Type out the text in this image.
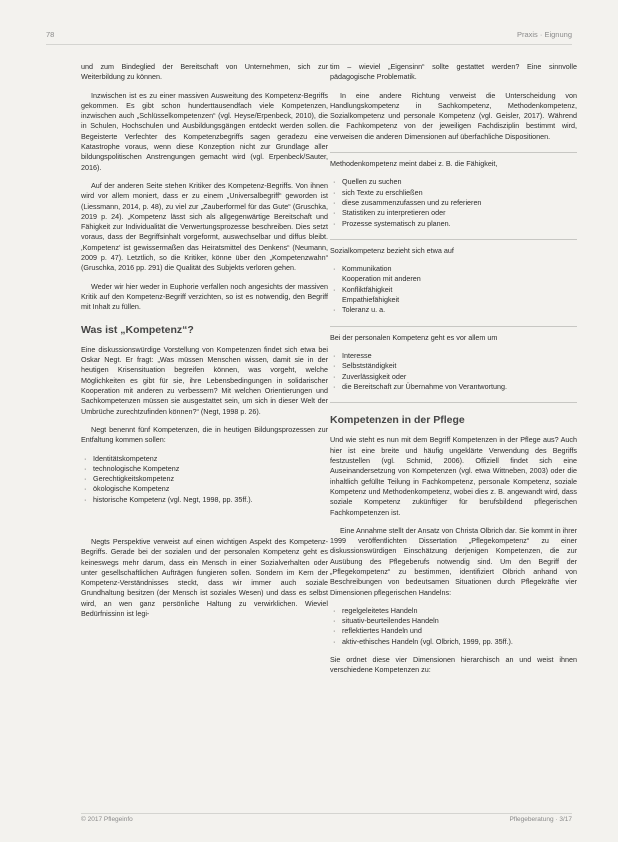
78	Praxis · Eignung

und zum Bindeglied der Bereitschaft von Unternehmen, sich zur Weiterbildung zu können.

Inzwischen ist es zu einer massiven Ausweitung des Kompetenz-Begriffs gekommen. Es gibt schon hunderttausendfach viele Kompetenzen, inzwischen auch „Schlüsselkompetenzen“ (vgl. Heyse/Erpenbeck, 2010), die in Schulen, Hochschulen und Ausbildungsgängen entdeckt werden sollen. Begeisterte Verfechter des Kompetenzbegriffs sagen geradezu eine Katastrophe voraus, wenn diese Konzeption nicht zur Grundlage aller bildungspolitischen Anstrengungen gemacht wird (vgl. Erpenbeck/Sauter, 2016).

Auf der anderen Seite stehen Kritiker des Kompetenz-Begriffs. Von ihnen wird vor allem moniert, dass er zu einem „Universalbegriff“ geworden ist (Liessmann, 2014, p. 48), zu viel zur „Zauberformel für das Gute“ (Gruschka, 2019 p. 24). „Kompetenz lässt sich als allgegenwärtige Bereitschaft und Fähigkeit zur Individualität die Verwertungsprozesse beschreiben. Dies setzt voraus, dass der Begriffsinhalt vorgeformt, auswechselbar und diffus bleibt. ‚Kompetenz‘ ist gewissermaßen das Heiratsmittel des Denkens“ (Neumann, 2009 p. 47). Letztlich, so die Kritiker, könne über den „Kompetenzwahn“ (Gruschka, 2016 pp. 291) die Qualität des Subjekts verloren gehen.

Weder wir hier weder in Euphorie verfallen noch angesichts der massiven Kritik auf den Kompetenz-Begriff verzichten, so ist es notwendig, den Begriff mit Inhalt zu füllen.

Was ist „Kompetenz“?

Eine diskussionswürdige Vorstellung von Kompetenzen findet sich etwa bei Oskar Negt. Er fragt: „Was müssen Menschen wissen, damit sie in der heutigen Krisensituation begreifen können, was vorgeht, welche Möglichkeiten es gibt für sie, ihre Lebensbedingungen in solidarischer Kooperation mit anderen zu verbessern? Mit welchen Orientierungen und Sachkompetenzen müssen sie ausgestattet sein, um sich in dieser Welt der Umbrüche zurechtzufinden können?“ (Negt, 1998 p. 26).

Negt benennt fünf Kompetenzen, die in heutigen Bildungsprozessen zur Entfaltung kommen sollen:

· Identitätskompetenz
· technologische Kompetenz
· Gerechtigkeitskompetenz
· ökologische Kompetenz
· historische Kompetenz (vgl. Negt, 1998, pp. 35ff.).

Negts Perspektive verweist auf einen wichtigen Aspekt des Kompetenz-Begriffs. Gerade bei der sozialen und der personalen Kompetenz geht es keineswegs mehr darum, dass ein Mensch in einer Sozialverhalten oder unter gesellschaftlichen Aufträgen fungieren sollen. Sondern im Kern der Kompetenz-Verständnisses steckt, dass wir immer auch soziale Grundhaltung besitzen (der Mensch ist soziales Wesen) und dass es selbst wird, an wen ganz persönliche Haltung zu verwirklichen. Wieviel Bedürfnissinn ist legi-

tim – wieviel „Eigensinn“ sollte gestattet werden? Eine sinnvolle pädagogische Problematik.

In eine andere Richtung verweist die Unterscheidung von Handlungskompetenz in Sachkompetenz, Methodenkompetenz, Sozialkompetenz und personale Kompetenz (vgl. Geisler, 2017). Während die Fachkompetenz von der jeweiligen Fachdisziplin bestimmt wird, verweisen die anderen Dimensionen auf überfachliche Dispositionen.

Methodenkompetenz meint dabei z. B. die Fähigkeit,

· Quellen zu suchen
· sich Texte zu erschließen
· diese zusammenzufassen und zu referieren
· Statistiken zu interpretieren oder
· Prozesse systematisch zu planen.

Sozialkompetenz bezieht sich etwa auf

· Kommunikation
Kooperation mit anderen
· Konfliktfähigkeit
Empathiefähigkeit
· Toleranz u. a.

Bei der personalen Kompetenz geht es vor allem um

· Interesse
· Selbstständigkeit
· Zuverlässigkeit oder
· die Bereitschaft zur Übernahme von Verantwortung.
Kompetenzen in der Pflege

Und wie steht es nun mit dem Begriff Kompetenzen in der Pflege aus? Auch hier ist eine breite und häufig ungeklärte Verwendung des Begriffs festzustellen (vgl. Schmid, 2006). Offiziell findet sich eine Auseinandersetzung von Kompetenzen (vgl. etwa Wittneben, 2003) oder die inhaltlich gefüllte Teilung in Fachkompetenz, personale Kompetenz, soziale Kompetenz und Methodenkompetenz, wobei dies z. B. angewandt wird, dass soziale Kompetenz zukünftiger für berufsbildend pflegerischen Fachkompetenzen ist.

Eine Annahme stellt der Ansatz von Christa Olbrich dar. Sie kommt in ihrer 1999 veröffentlichten Dissertation „Pflegekompetenz“ zu einer diskussionswürdigen Einschätzung derjenigen Kompetenzen, die zur Ausübung des Pflegeberufs notwendig sind. Um den Begriff der „Pflegekompetenz“ zu bestimmen, identifiziert Olbrich anhand von Beschreibungen von bedeutsamen Situationen durch Pflegekräfte vier Dimensionen pflegerischen Handelns:

· regelgeleitetes Handeln
· situativ-beurteilendes Handeln
· reflektiertes Handeln und
· aktiv-ethisches Handeln (vgl. Olbrich, 1999, pp. 35ff.).

Sie ordnet diese vier Dimensionen hierarchisch an und weist ihnen verschiedene Kompetenzen zu:

© 2017 Pflegeinfo	Pflegeberatung · 3/17
